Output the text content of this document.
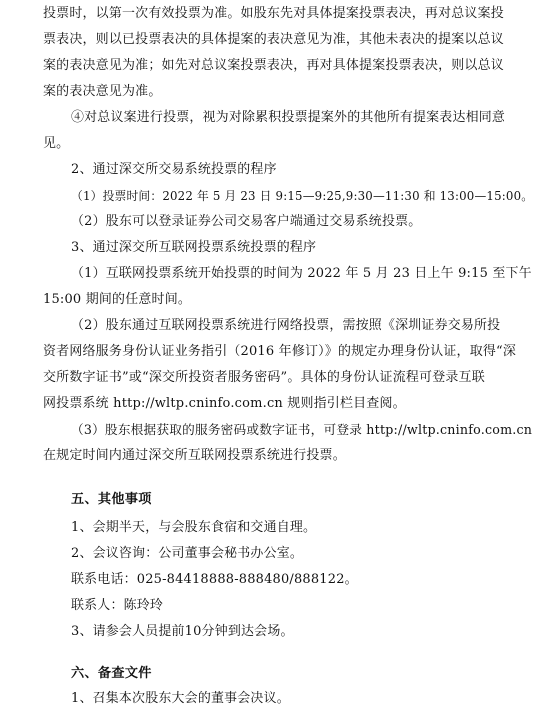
投票时，以第一次有效投票为准。如股东先对具体提案投票表决，再对总议案投
票表决，则以已投票表决的具体提案的表决意见为准，其他未表决的提案以总议
案的表决意见为准；如先对总议案投票表决，再对具体提案投票表决，则以总议
案的表决意见为准。
④对总议案进行投票，视为对除累积投票提案外的其他所有提案表达相同意
见。
2、通过深交所交易系统投票的程序
（1）投票时间：2022 年 5 月 23 日 9:15—9:25,9:30—11:30 和 13:00—15:00。
（2）股东可以登录证券公司交易客户端通过交易系统投票。
3、通过深交所互联网投票系统投票的程序
（1）互联网投票系统开始投票的时间为 2022 年 5 月 23 日上午 9:15 至下午
15:00 期间的任意时间。
（2）股东通过互联网投票系统进行网络投票，需按照《深圳证券交易所投
资者网络服务身份认证业务指引（2016 年修订）》的规定办理身份认证，取得“深
交所数字证书”或“深交所投资者服务密码”。具体的身份认证流程可登录互联
网投票系统 http://wltp.cninfo.com.cn 规则指引栏目查阅。
（3）股东根据获取的服务密码或数字证书，可登录 http://wltp.cninfo.com.cn
在规定时间内通过深交所互联网投票系统进行投票。
五、其他事项
1、会期半天，与会股东食宿和交通自理。
2、会议咨询：公司董事会秘书办公室。
联系电话：025-84418888-888480/888122。
联系人：陈玲玲
3、请参会人员提前10分钟到达会场。
六、备查文件
1、召集本次股东大会的董事会决议。
